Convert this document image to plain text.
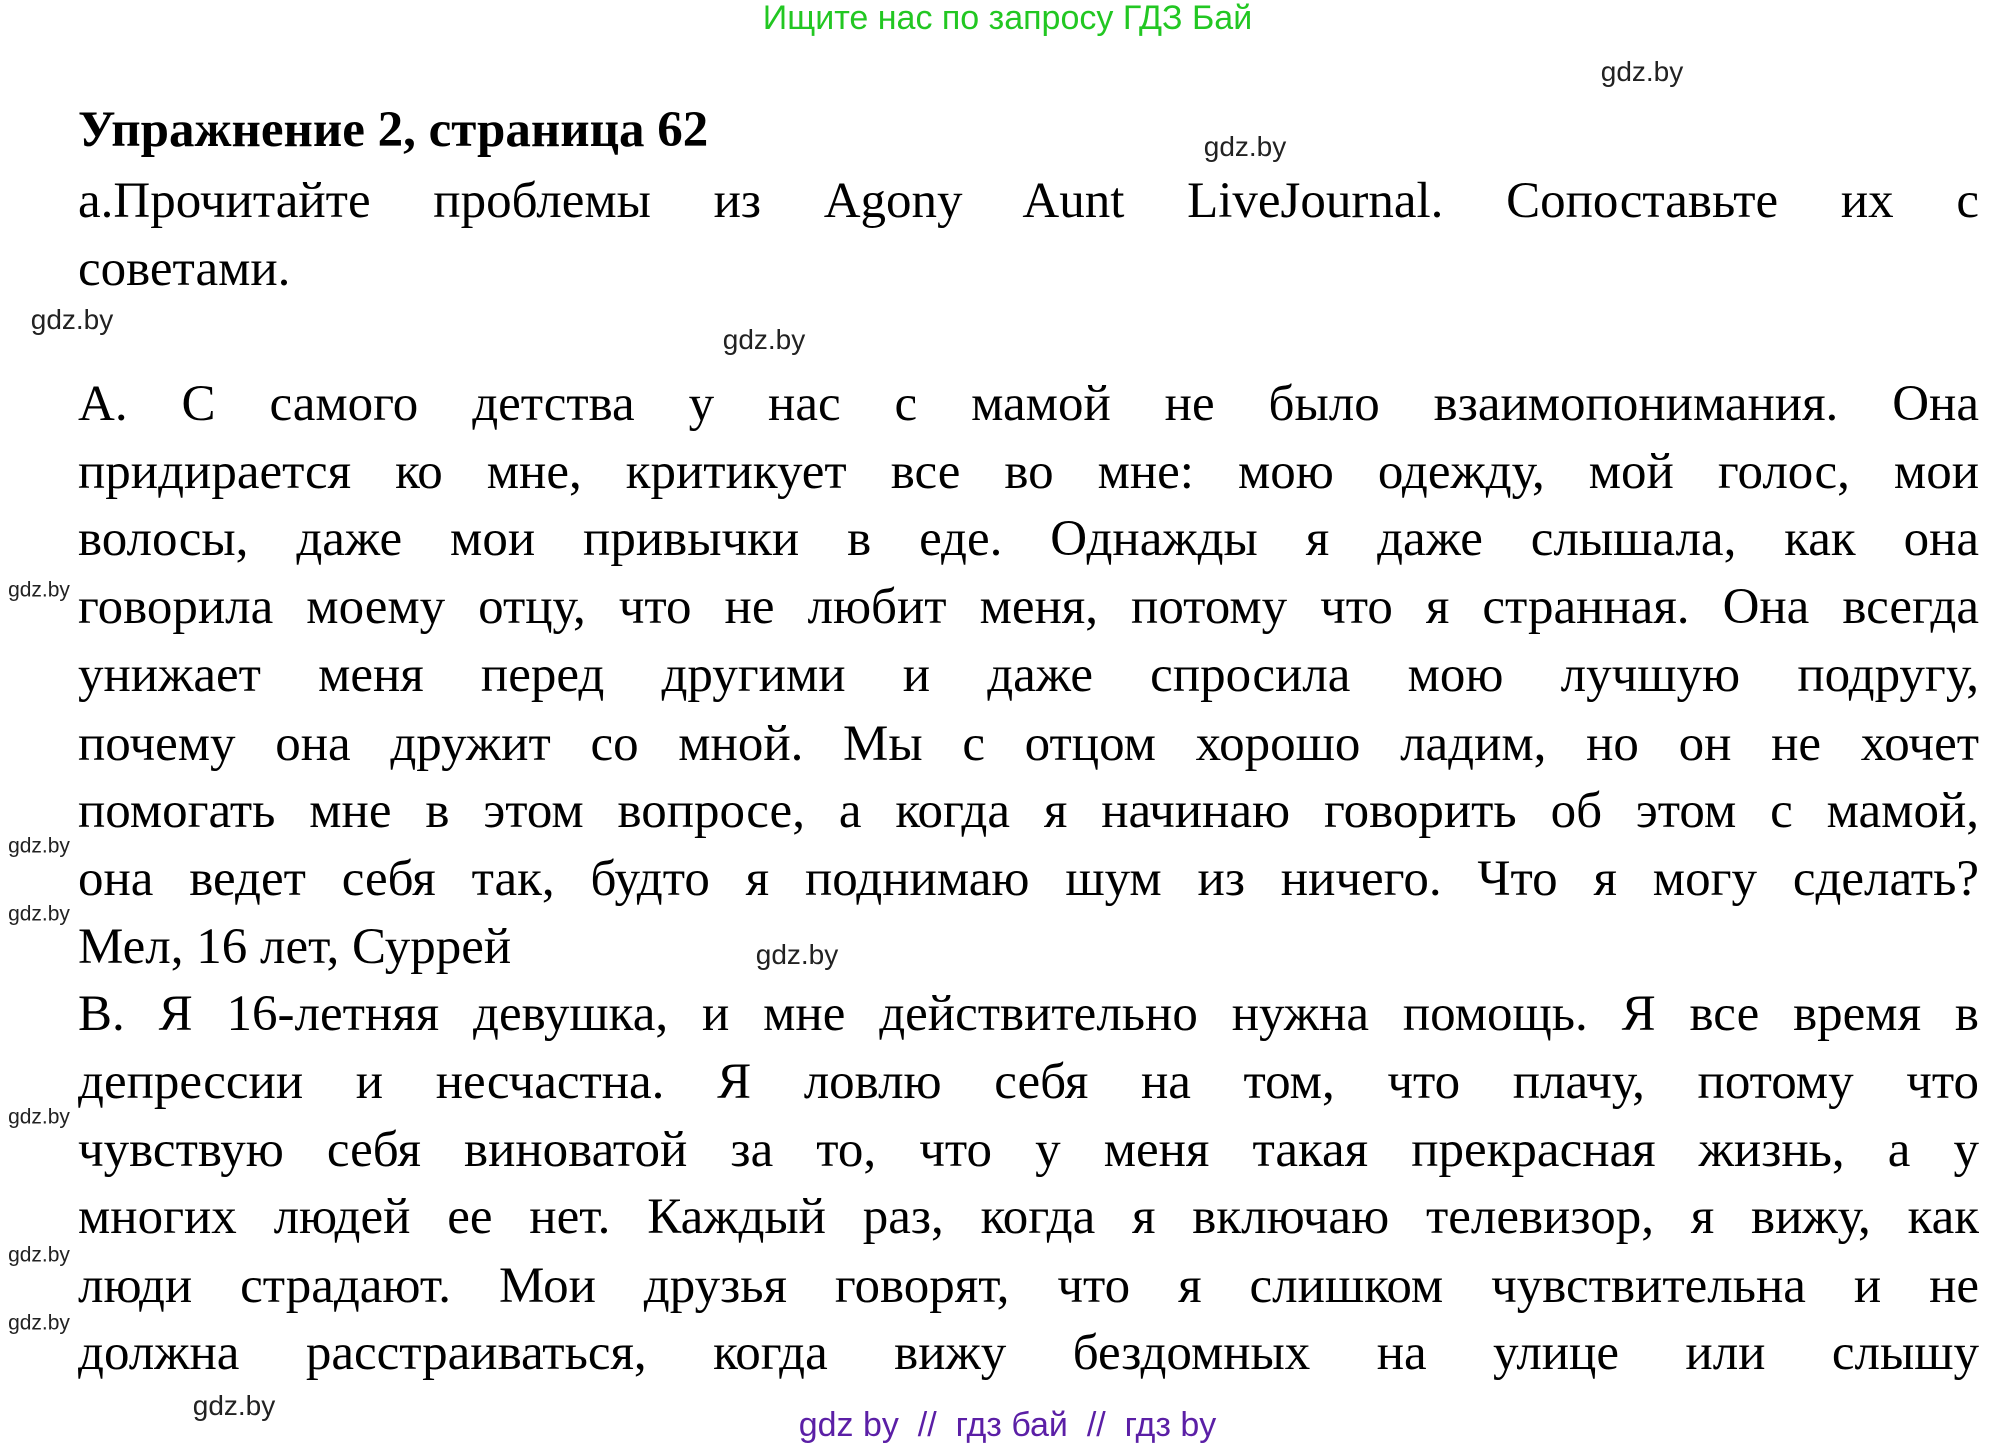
Ищите нас по запросу ГДЗ Бай
Упражнение 2, страница 62
а.Прочитайте проблемы из Agony Aunt LiveJournal. Сопоставьте их с
советами.
А. С самого детства у нас с мамой не было взаимопонимания. Она
придирается ко мне, критикует все во мне: мою одежду, мой голос, мои
волосы, даже мои привычки в еде. Однажды я даже слышала, как она
говорила моему отцу, что не любит меня, потому что я странная. Она всегда
унижает меня перед другими и даже спросила мою лучшую подругу,
почему она дружит со мной. Мы с отцом хорошо ладим, но он не хочет
помогать мне в этом вопросе, а когда я начинаю говорить об этом с мамой,
она ведет себя так, будто я поднимаю шум из ничего. Что я могу сделать?
Мел, 16 лет, Суррей
В. Я 16-летняя девушка, и мне действительно нужна помощь. Я все время в
депрессии и несчастна. Я ловлю себя на том, что плачу, потому что
чувствую себя виноватой за то, что у меня такая прекрасная жизнь, а у
многих людей ее нет. Каждый раз, когда я включаю телевизор, я вижу, как
люди страдают. Мои друзья говорят, что я слишком чувствительна и не
должна расстраиваться, когда вижу бездомных на улице или слышу
gdz.by
gdz.by
gdz.by
gdz.by
gdz.by
gdz.by
gdz.by
gdz.by
gdz.by
gdz.by
gdz.by
gdz.by
gdz by  //  гдз бай  //  гдз by
